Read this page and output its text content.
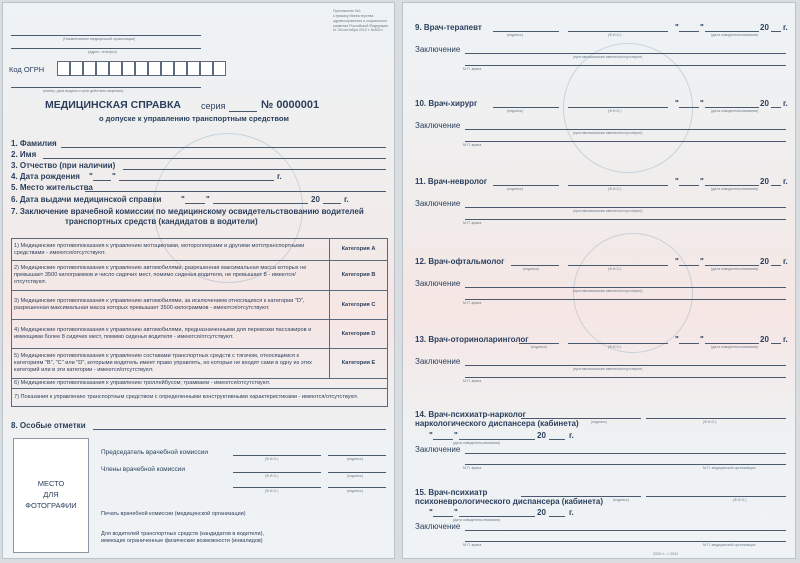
Приложение №1
к приказу Министерства
здравоохранения и социального
развития Российской Федерации
от 28 сентября 2010 г. №831н
(Наименование медицинской организации)
(адрес, телефон)
Код ОГРН
(номер, дата выдачи и срок действия лицензии)
МЕДИЦИНСКАЯ СПРАВКА серия	№ 0000001
о допуске к управлению транспортным средством
1. Фамилия
2. Имя
3. Отчество (при наличии)
4. Дата рождения " "	г.
5. Место жительства
6. Дата выдачи медицинской справки "	"	20	г.
7. Заключение врачебной комиссии по медицинскому освидетельствованию водителей
транспортных средств (кандидатов в водители)
1) Медицинские противопоказания к управлению мотоциклами, мотороллерами и другими мототранспортными средствами - имеются/отсутствуют.	Категория А
2) Медицинские противопоказания к управлению автомобилями, разрешенная максимальная масса которых не превышает 3500 килограммов и число сидячих мест, помимо сиденья водителя, не превышает 8 - имеются/отсутствуют.	Категория В
3) Медицинские противопоказания к управлению автомобилями, за исключением относящихся к категории "D", разрешенная максимальная масса которых превышает 3500 килограммов - имеются/отсутствуют.	Категория С
4) Медицинские противопоказания к управлению автомобилями, предназначенными для перевозки пассажиров и имеющими более 8 сидячих мест, помимо сиденья водителя - имеются/отсутствуют.	Категория D
5) Медицинские противопоказания к управлению составами транспортных средств с тягачом, относящимся к категориям "B", "C" или "D", которыми водитель имеет право управлять, но которые не входят сами в одну из этих категорий или в эти категории - имеются/отсутствуют.	Категория Е
6) Медицинские противопоказания к управлению троллейбусом; трамваем - имеются/отсутствуют.	
7) Показания к управлению транспортным средством с определенными конструктивными характеристиками - имеются/отсутствуют.	
8. Особые отметки
МЕСТО
ДЛЯ
ФОТОГРАФИИ
Председатель врачебной комиссии
(Ф.И.О.)	(подпись)
Члены врачебной комиссии
(Ф.И.О.)	(подпись)
(Ф.И.О.)	(подпись)
Печать врачебной комиссии (медицинской организации)
Для водителей транспортных средств (кандидатов в водители), имеющих ограниченные физические возможности (инвалидов)
9. Врач-терапевт	"	"	20 г.
(подпись)	(Ф.И.О.)	(дата освидетельствования)
Заключение
(противопоказания имеются/отсутствуют)
М.П. врача
10. Врач-хирург	"	"	20 г.
(подпись)	(Ф.И.О.)	(дата освидетельствования)
Заключение
(противопоказания имеются/отсутствуют)
М.П. врача
11. Врач-невролог	"	"	20 г.
(подпись)	(Ф.И.О.)	(дата освидетельствования)
Заключение
(противопоказания имеются/отсутствуют)
М.П. врача
12. Врач-офтальмолог	"	"	20 г.
(подпись)	(Ф.И.О.)	(дата освидетельствования)
Заключение
(противопоказания имеются/отсутствуют)
М.П. врача
13. Врач-оториноларинголог	"	"	20 г.
(подпись)	(Ф.И.О.)	(дата освидетельствования)
Заключение
(противопоказания имеются/отсутствуют)
М.П. врача
14. Врач-психиатр-нарколог
наркологического диспансера (кабинета)	(подпись)	(Ф.И.О.)
"	"	20	г.
(дата освидетельствования)
Заключение
М.П. врача	М.П. медицинской организации
15. Врач-психиатр
психоневрологического диспансера (кабинета)	(подпись)	(Ф.И.О.)
"	"	20	г.
(дата освидетельствования)
Заключение
М.П. врача	М.П. медицинской организации
ООО «...» 2011
